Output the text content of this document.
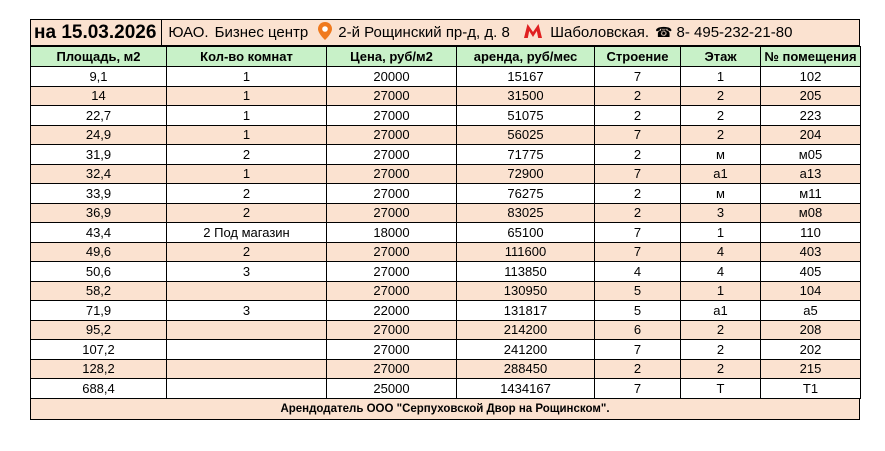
на 15.03.2026 ЮАО. Бизнес центр 2-й Рощинский пр-д, д. 8	Шаболовская. ☎ 8- 495-232-21-80
Площадь, м2	Кол-во комнат	Цена, руб/м2	аренда, руб/мес	Строение	Этаж	№ помещения
9,1	1	20000	15167	7	1	102
14	1	27000	31500	2	2	205
22,7	1	27000	51075	2	2	223
24,9	1	27000	56025	7	2	204
31,9	2	27000	71775	2	м	м05
32,4	1	27000	72900	7	а1	а13
33,9	2	27000	76275	2	м	м11
36,9	2	27000	83025	2	3	м08
43,4	2 Под магазин	18000	65100	7	1	110
49,6	2	27000	111600	7	4	403
50,6	3	27000	113850	4	4	405
58,2		27000	130950	5	1	104
71,9	3	22000	131817	5	а1	а5
95,2		27000	214200	6	2	208
107,2		27000	241200	7	2	202
128,2		27000	288450	2	2	215
688,4		25000	1434167	7	Т	Т1
Арендодатель ООО "Серпуховской Двор на Рощинском".
